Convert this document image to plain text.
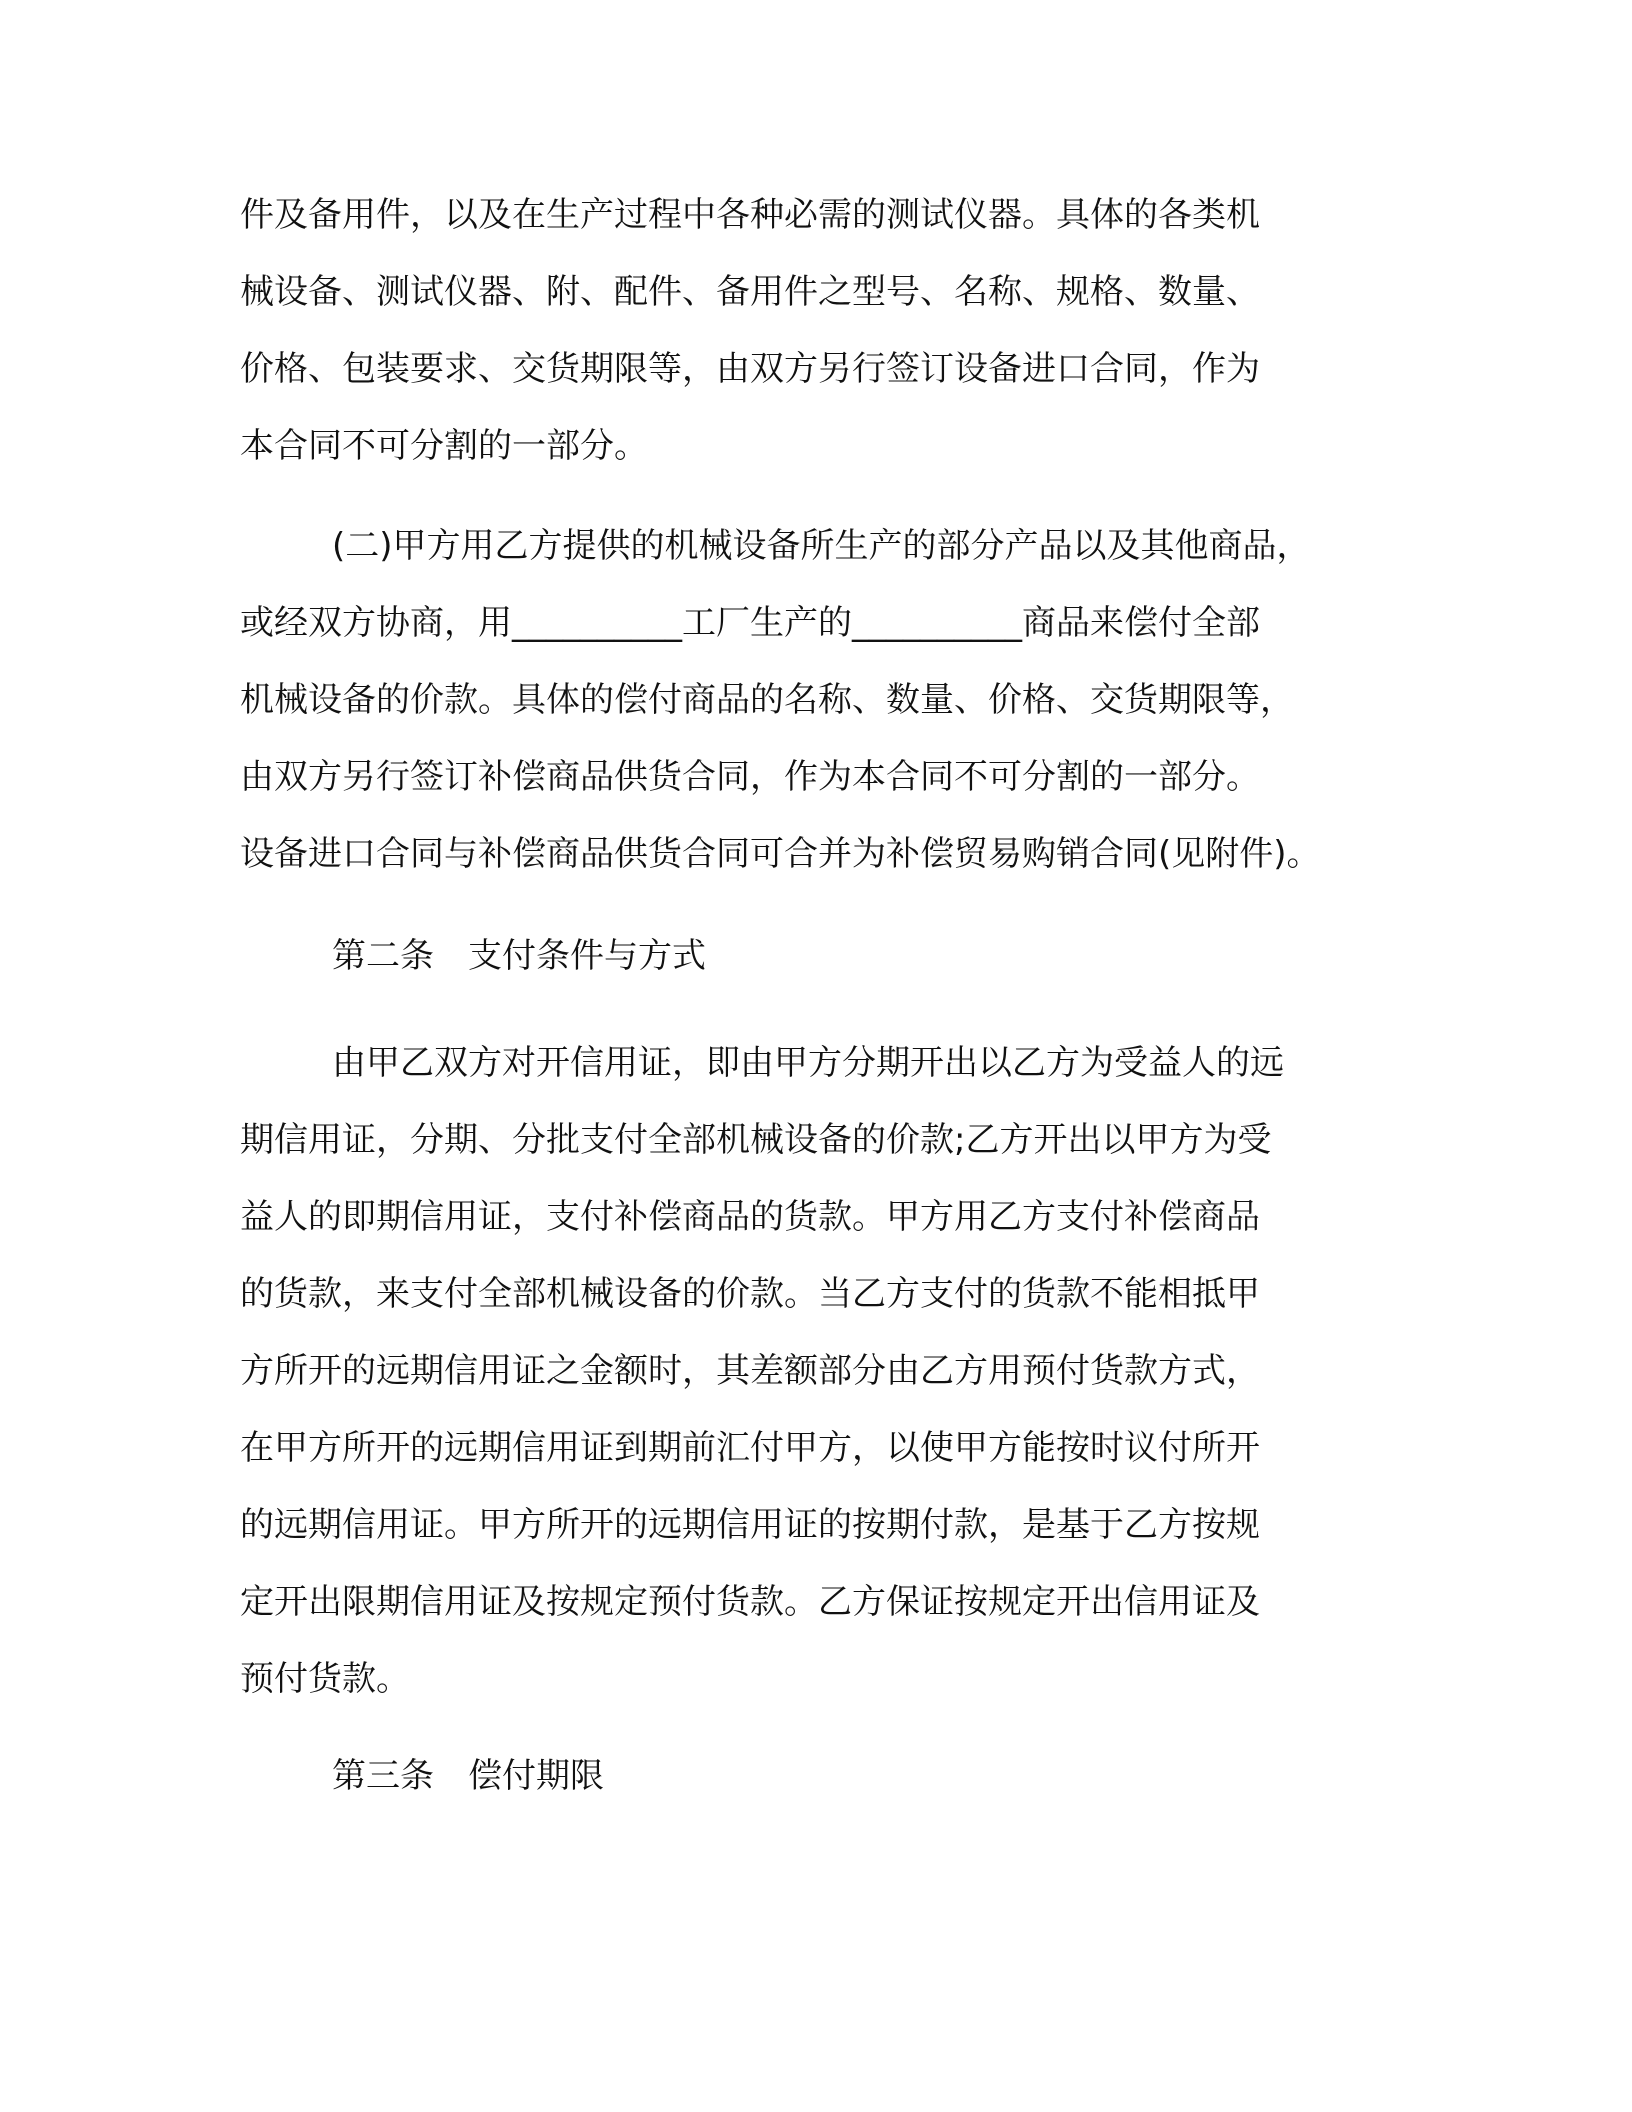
件及备用件，以及在生产过程中各种必需的测试仪器。具体的各类机
械设备、测试仪器、附、配件、备用件之型号、名称、规格、数量、
价格、包装要求、交货期限等，由双方另行签订设备进口合同，作为
本合同不可分割的一部分。
(二)甲方用乙方提供的机械设备所生产的部分产品以及其他商品，
或经双方协商，用__________工厂生产的__________商品来偿付全部
机械设备的价款。具体的偿付商品的名称、数量、价格、交货期限等，
由双方另行签订补偿商品供货合同，作为本合同不可分割的一部分。
设备进口合同与补偿商品供货合同可合并为补偿贸易购销合同(见附件)。
第二条　支付条件与方式
由甲乙双方对开信用证，即由甲方分期开出以乙方为受益人的远
期信用证，分期、分批支付全部机械设备的价款;乙方开出以甲方为受
益人的即期信用证，支付补偿商品的货款。甲方用乙方支付补偿商品
的货款，来支付全部机械设备的价款。当乙方支付的货款不能相抵甲
方所开的远期信用证之金额时，其差额部分由乙方用预付货款方式，
在甲方所开的远期信用证到期前汇付甲方，以使甲方能按时议付所开
的远期信用证。甲方所开的远期信用证的按期付款，是基于乙方按规
定开出限期信用证及按规定预付货款。乙方保证按规定开出信用证及
预付货款。
第三条　偿付期限
